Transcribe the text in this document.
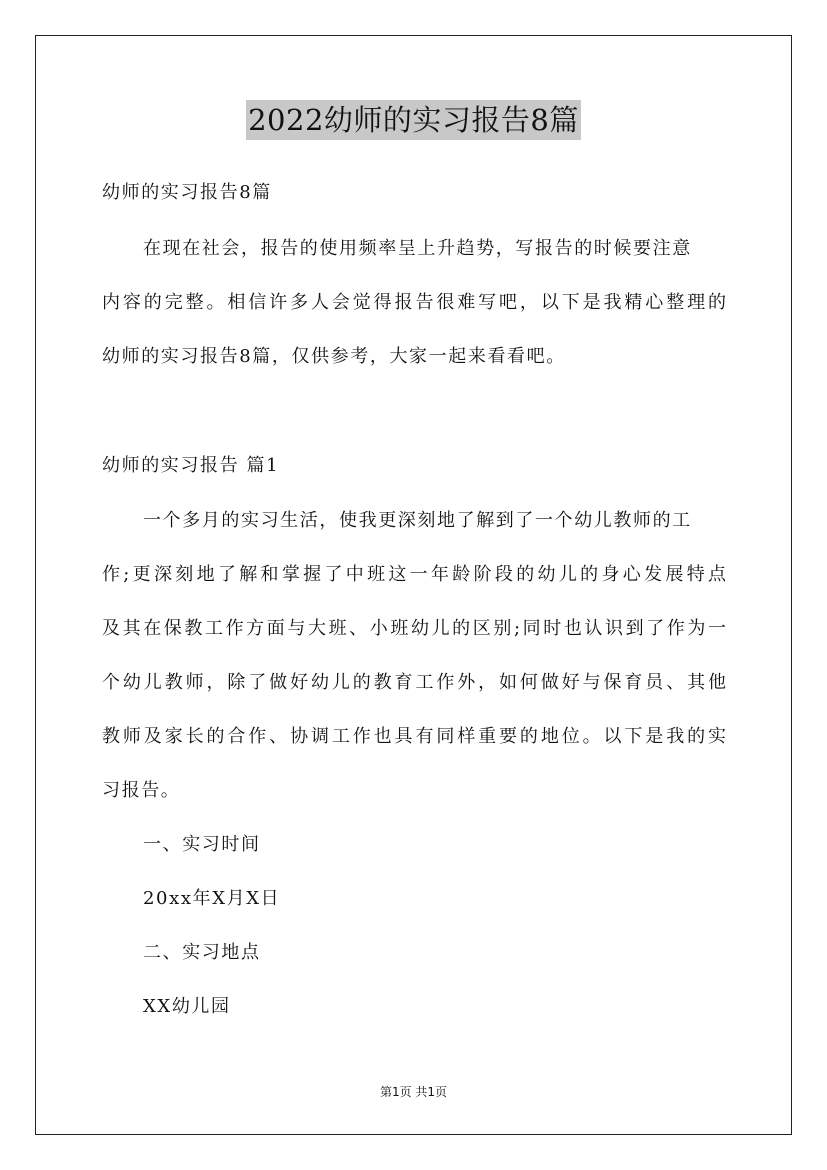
2022幼师的实习报告8篇
幼师的实习报告8篇
在现在社会，报告的使用频率呈上升趋势，写报告的时候要注意
内容的完整。相信许多人会觉得报告很难写吧，以下是我精心整理的
幼师的实习报告8篇，仅供参考，大家一起来看看吧。
幼师的实习报告 篇1
一个多月的实习生活，使我更深刻地了解到了一个幼儿教师的工
作;更深刻地了解和掌握了中班这一年龄阶段的幼儿的身心发展特点
及其在保教工作方面与大班、小班幼儿的区别;同时也认识到了作为一
个幼儿教师，除了做好幼儿的教育工作外，如何做好与保育员、其他
教师及家长的合作、协调工作也具有同样重要的地位。以下是我的实
习报告。
一、实习时间
20xx年X月X日
二、实习地点
XX幼儿园
第1页 共1页
